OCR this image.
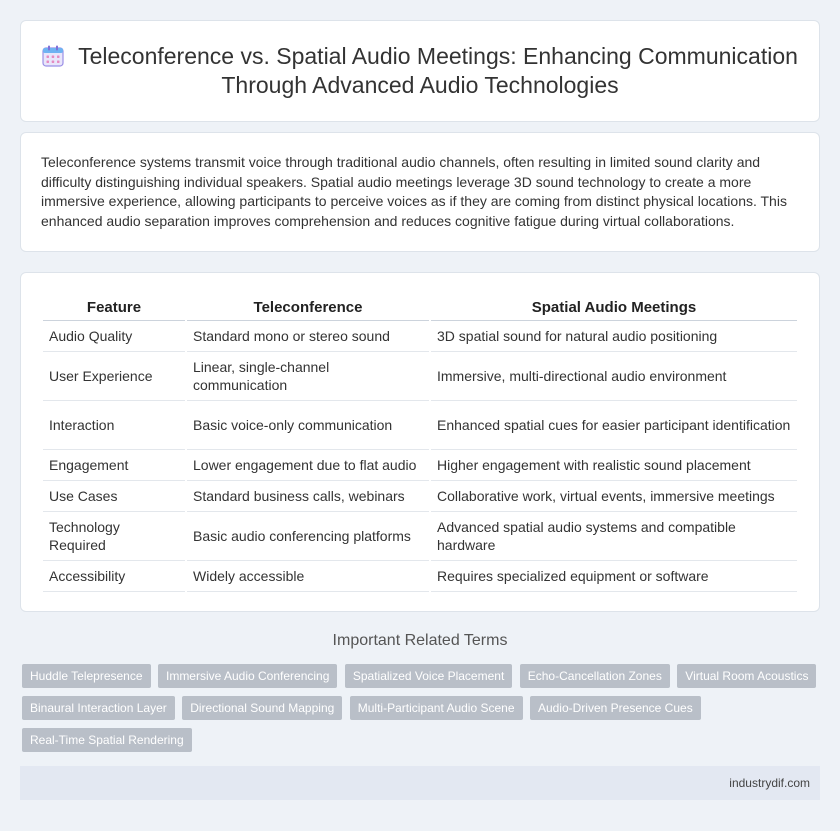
Teleconference vs. Spatial Audio Meetings: Enhancing Communication Through Advanced Audio Technologies

Teleconference systems transmit voice through traditional audio channels, often resulting in limited sound clarity and difficulty distinguishing individual speakers. Spatial audio meetings leverage 3D sound technology to create a more immersive experience, allowing participants to perceive voices as if they are coming from distinct physical locations. This enhanced audio separation improves comprehension and reduces cognitive fatigue during virtual collaborations.

Feature	Teleconference	Spatial Audio Meetings
Audio Quality	Standard mono or stereo sound	3D spatial sound for natural audio positioning
User Experience	Linear, single-channel communication	Immersive, multi-directional audio environment
Interaction	Basic voice-only communication	Enhanced spatial cues for easier participant identification
Engagement	Lower engagement due to flat audio	Higher engagement with realistic sound placement
Use Cases	Standard business calls, webinars	Collaborative work, virtual events, immersive meetings
Technology Required	Basic audio conferencing platforms	Advanced spatial audio systems and compatible hardware
Accessibility	Widely accessible	Requires specialized equipment or software
Important Related Terms
Huddle Telepresence Immersive Audio Conferencing Spatialized Voice Placement Echo-Cancellation Zones Virtual Room Acoustics Binaural Interaction Layer Directional Sound Mapping Multi-Participant Audio Scene Audio-Driven Presence Cues Real-Time Spatial Rendering
industrydif.com
